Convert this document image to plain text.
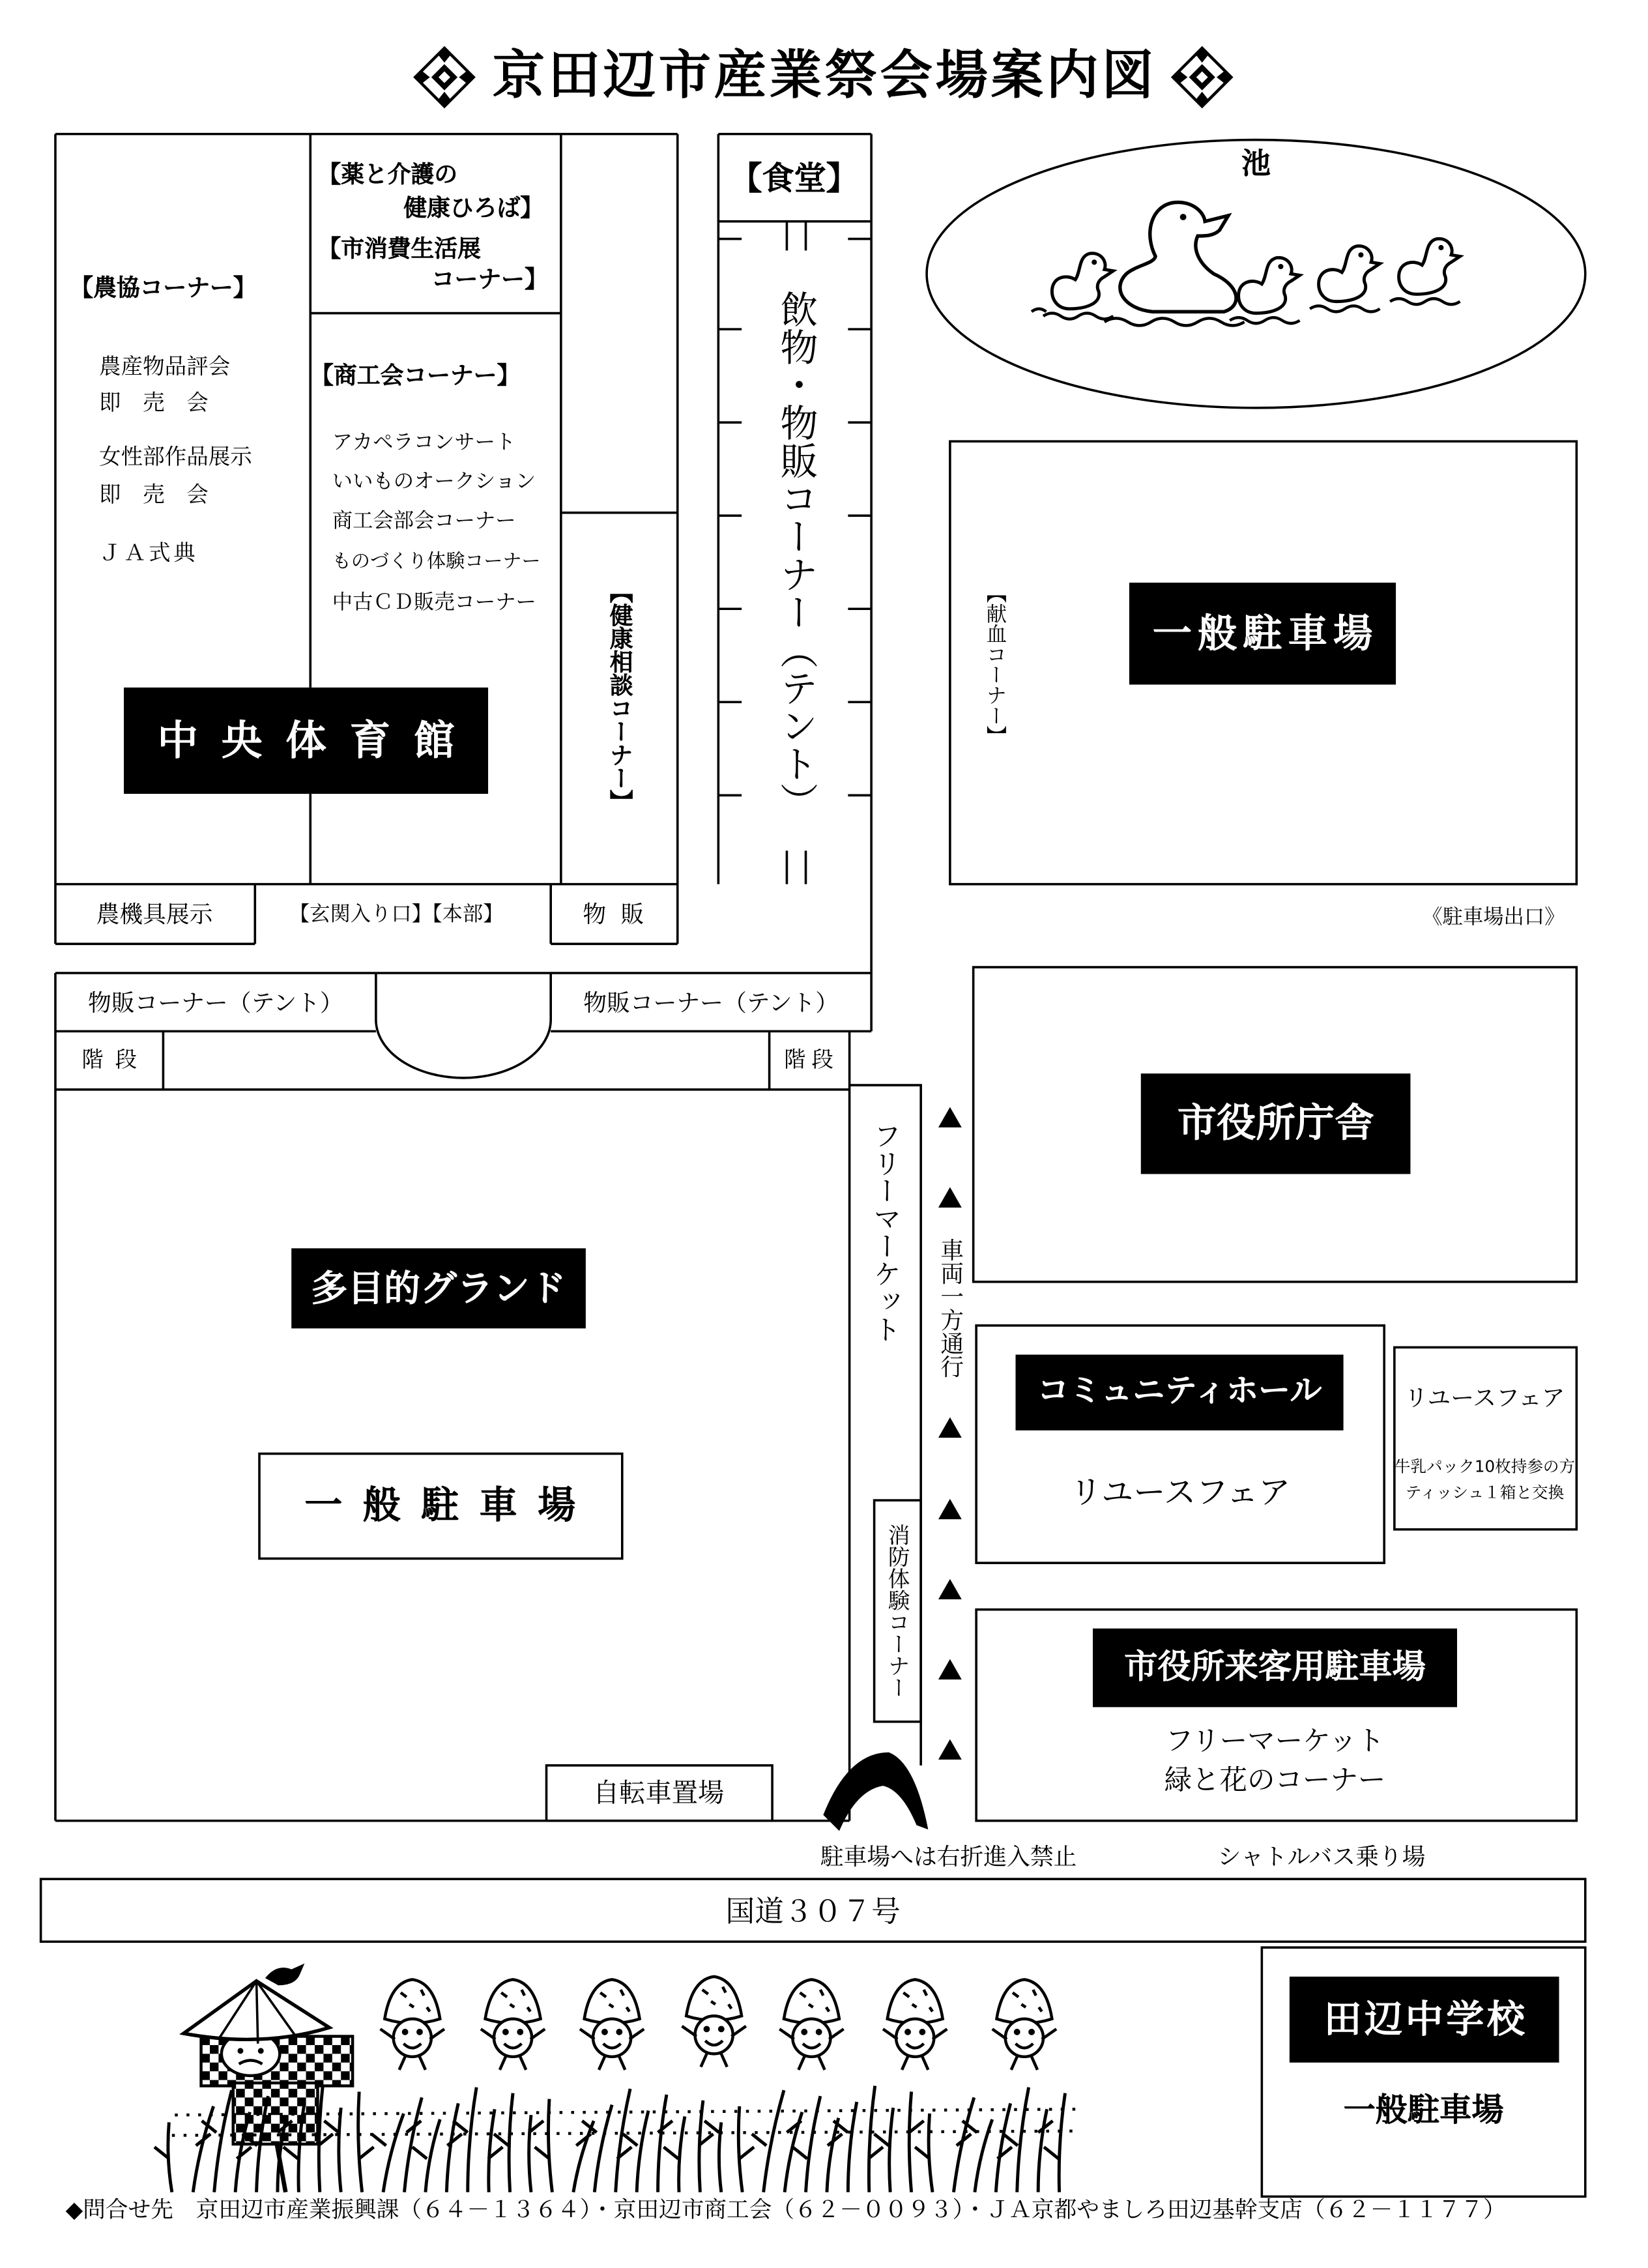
京田辺市産業祭会場案内図
【農協コーナー】
農産物品評会
即　売　会
女性部作品展示
即　売　会
ＪＡ式典
【薬と介護の
健康ひろば】
【市消費生活展
コーナー】
【商工会コーナー】
アカペラコンサート
いいものオークション
商工会部会コーナー
ものづくり体験コーナー
中古ＣＤ販売コーナー
中央体育館	【健康相談コーナー】
【食堂】
飲物・物販コーナー（テント）
農機具展示	【玄関入り口】【本部】	物販
物販コーナー（テント）	物販コーナー（テント）
階段	階段
多目的グランド
一般駐車場
自転車置場
フリーマーケット
消防体験コーナー
車両一方通行
駐車場へは右折進入禁止
池
一般駐車場
【献血コーナー】
《駐車場出口》
市役所庁舎
コミュニティホール
リユースフェア
リユースフェア
牛乳パック10枚持参の方
ティッシュ１箱と交換
市役所来客用駐車場
フリーマーケット
緑と花のコーナー
シャトルバス乗り場
国道３０７号
田辺中学校
一般駐車場
◆問合せ先　京田辺市産業振興課（６４－１３６４）・京田辺市商工会（６２－００９３）・ＪＡ京都やましろ田辺基幹支店（６２－１１７７）
